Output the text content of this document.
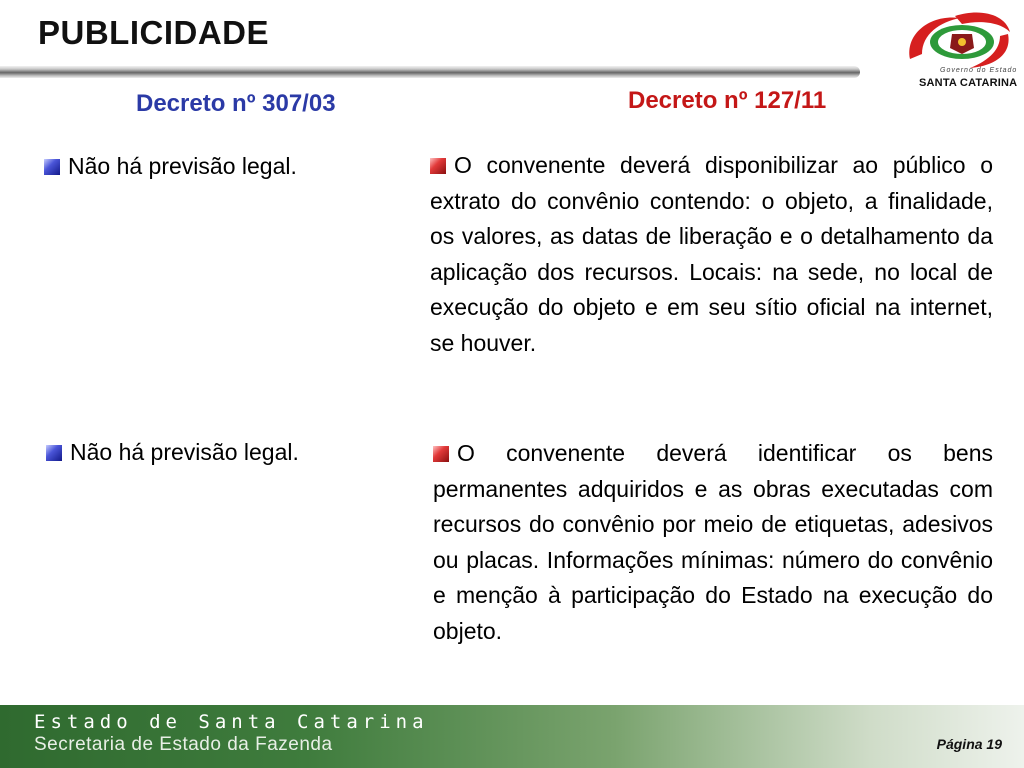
PUBLICIDADE
Governo do Estado
SANTA CATARINA
Decreto nº 307/03	Decreto nº 127/11
Não há previsão legal.
Não há previsão legal.
O convenente deverá disponibilizar ao público o extrato do convênio contendo: o objeto, a finalidade, os valores, as datas de liberação e o detalhamento da aplicação dos recursos. Locais: na sede, no local de execução do objeto e em seu sítio oficial na internet, se houver.
O convenente deverá identificar os bens permanentes adquiridos e as obras executadas com recursos do convênio por meio de etiquetas, adesivos ou placas. Informações mínimas: número do convênio e menção à participação do Estado na execução do objeto.
Estado de Santa Catarina
Secretaria de Estado da Fazenda	Página 19
